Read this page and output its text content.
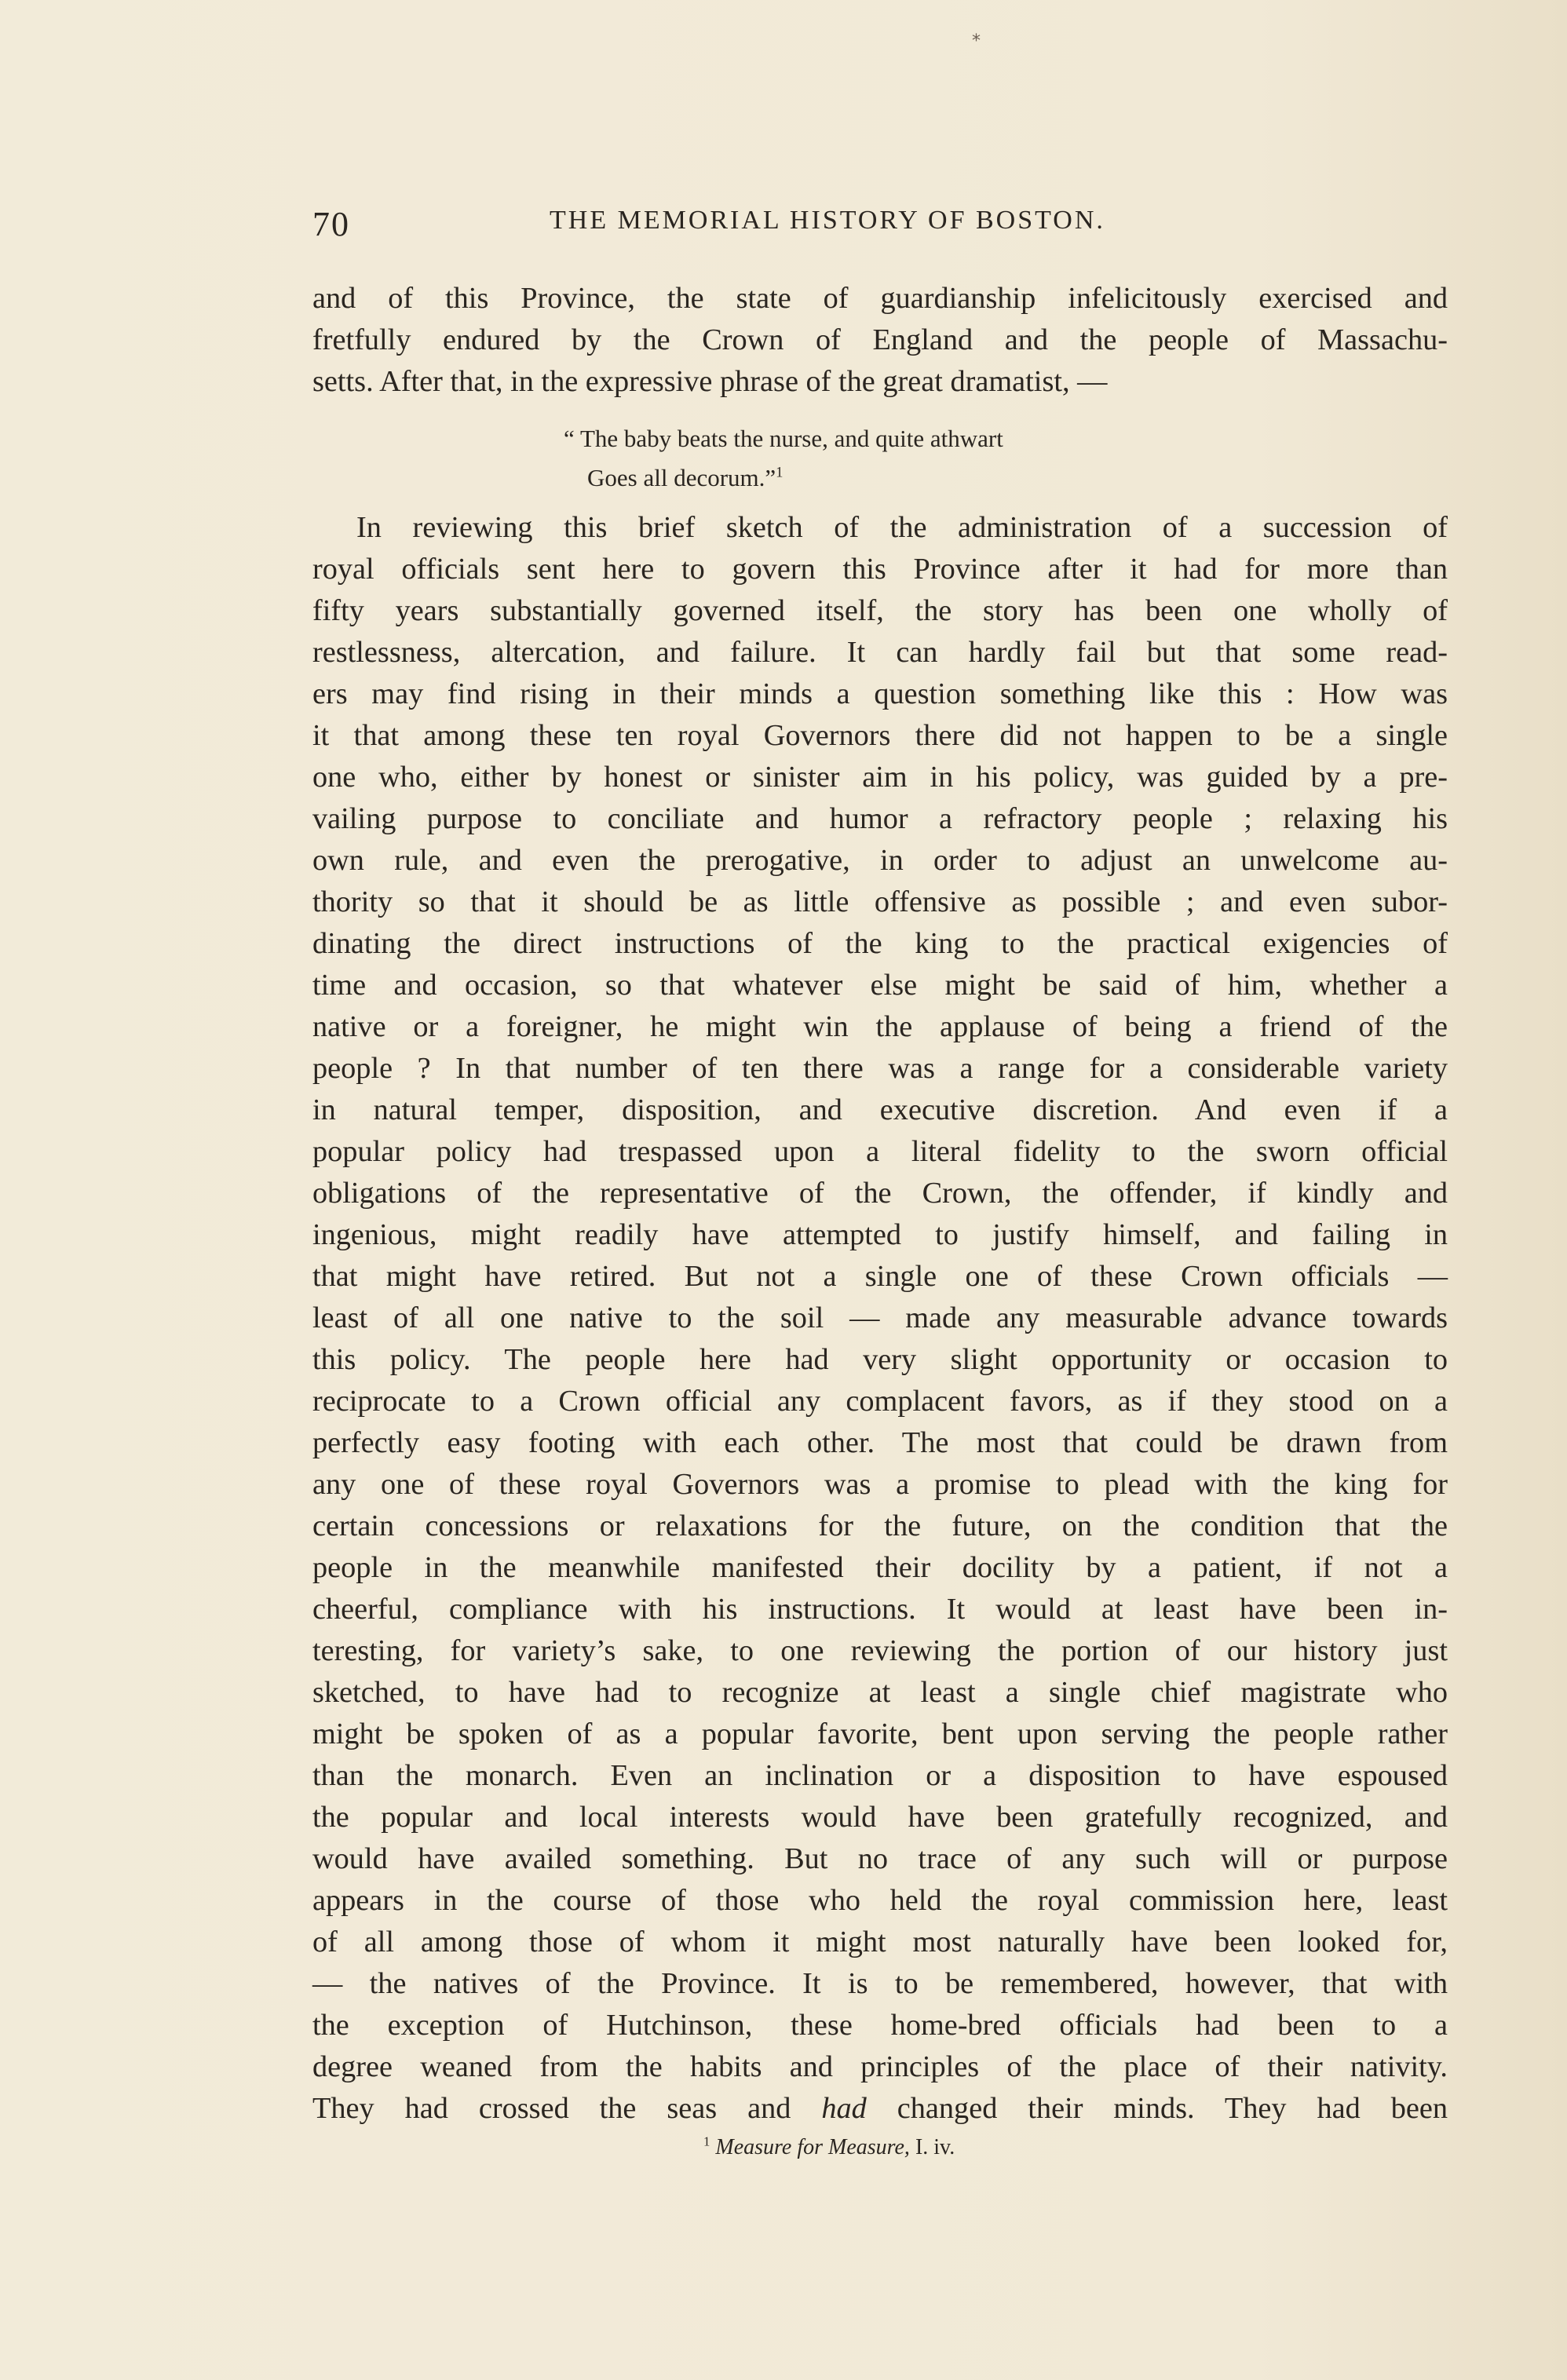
*
70	THE MEMORIAL HISTORY OF BOSTON.
and of this Province, the state of guardianship infelicitously exercised and
fretfully endured by the Crown of England and the people of Massachu-
setts. After that, in the expressive phrase of the great dramatist, —
“ The baby beats the nurse, and quite athwart
Goes all decorum.”$^1$
In reviewing this brief sketch of the administration of a succession of
royal officials sent here to govern this Province after it had for more than
fifty years substantially governed itself, the story has been one wholly of
restlessness, altercation, and failure. It can hardly fail but that some read-
ers may find rising in their minds a question something like this : How was
it that among these ten royal Governors there did not happen to be a single
one who, either by honest or sinister aim in his policy, was guided by a pre-
vailing purpose to conciliate and humor a refractory people ; relaxing his
own rule, and even the prerogative, in order to adjust an unwelcome au-
thority so that it should be as little offensive as possible ; and even subor-
dinating the direct instructions of the king to the practical exigencies of
time and occasion, so that whatever else might be said of him, whether a
native or a foreigner, he might win the applause of being a friend of the
people ? In that number of ten there was a range for a considerable variety
in natural temper, disposition, and executive discretion. And even if a
popular policy had trespassed upon a literal fidelity to the sworn official
obligations of the representative of the Crown, the offender, if kindly and
ingenious, might readily have attempted to justify himself, and failing in
that might have retired. But not a single one of these Crown officials —
least of all one native to the soil — made any measurable advance towards
this policy. The people here had very slight opportunity or occasion to
reciprocate to a Crown official any complacent favors, as if they stood on a
perfectly easy footing with each other. The most that could be drawn from
any one of these royal Governors was a promise to plead with the king for
certain concessions or relaxations for the future, on the condition that the
people in the meanwhile manifested their docility by a patient, if not a
cheerful, compliance with his instructions. It would at least have been in-
teresting, for variety’s sake, to one reviewing the portion of our history just
sketched, to have had to recognize at least a single chief magistrate who
might be spoken of as a popular favorite, bent upon serving the people rather
than the monarch. Even an inclination or a disposition to have espoused
the popular and local interests would have been gratefully recognized, and
would have availed something. But no trace of any such will or purpose
appears in the course of those who held the royal commission here, least
of all among those of whom it might most naturally have been looked for,
— the natives of the Province. It is to be remembered, however, that with
the exception of Hutchinson, these home-bred officials had been to a
degree weaned from the habits and principles of the place of their nativity.
They had crossed the seas and had changed their minds. They had been
$^1$ Measure for Measure, I. iv.
